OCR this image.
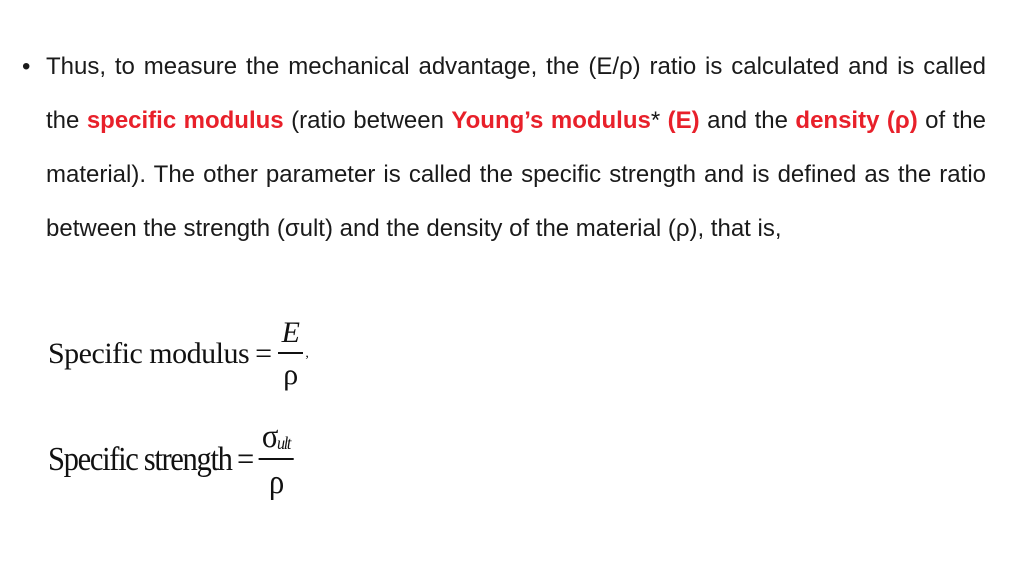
• Thus, to measure the mechanical advantage, the (E/ρ) ratio is calculated and is called the specific modulus (ratio between Young’s modulus* (E) and the density (ρ) of the material). The other parameter is called the specific strength and is defined as the ratio between the strength (σult) and the density of the material (ρ), that is,
Specific modulus = $\frac{E}{\rho}$ ,
Specific strength = $\frac{\text{σult}}{\rho}$
